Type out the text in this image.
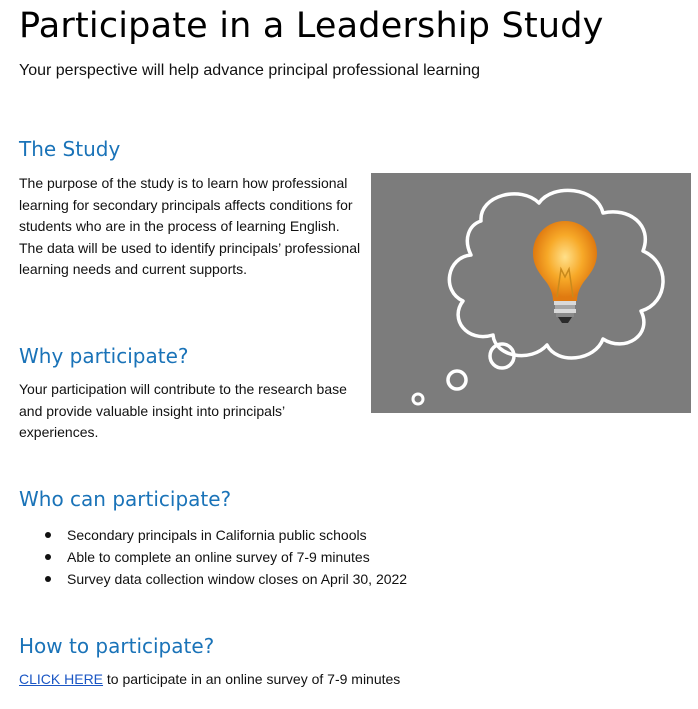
Participate in a Leadership Study

Your perspective will help advance principal professional learning

The Study

The purpose of the study is to learn how professional learning for secondary principals affects conditions for students who are in the process of learning English. The data will be used to identify principals’ professional learning needs and current supports.

Why participate?

Your participation will contribute to the research base and provide valuable insight into principals’ experiences.

Who can participate?
Secondary principals in California public schools
Able to complete an online survey of 7-9 minutes
Survey data collection window closes on April 30, 2022
How to participate?

CLICK HERE to participate in an online survey of 7-9 minutes
